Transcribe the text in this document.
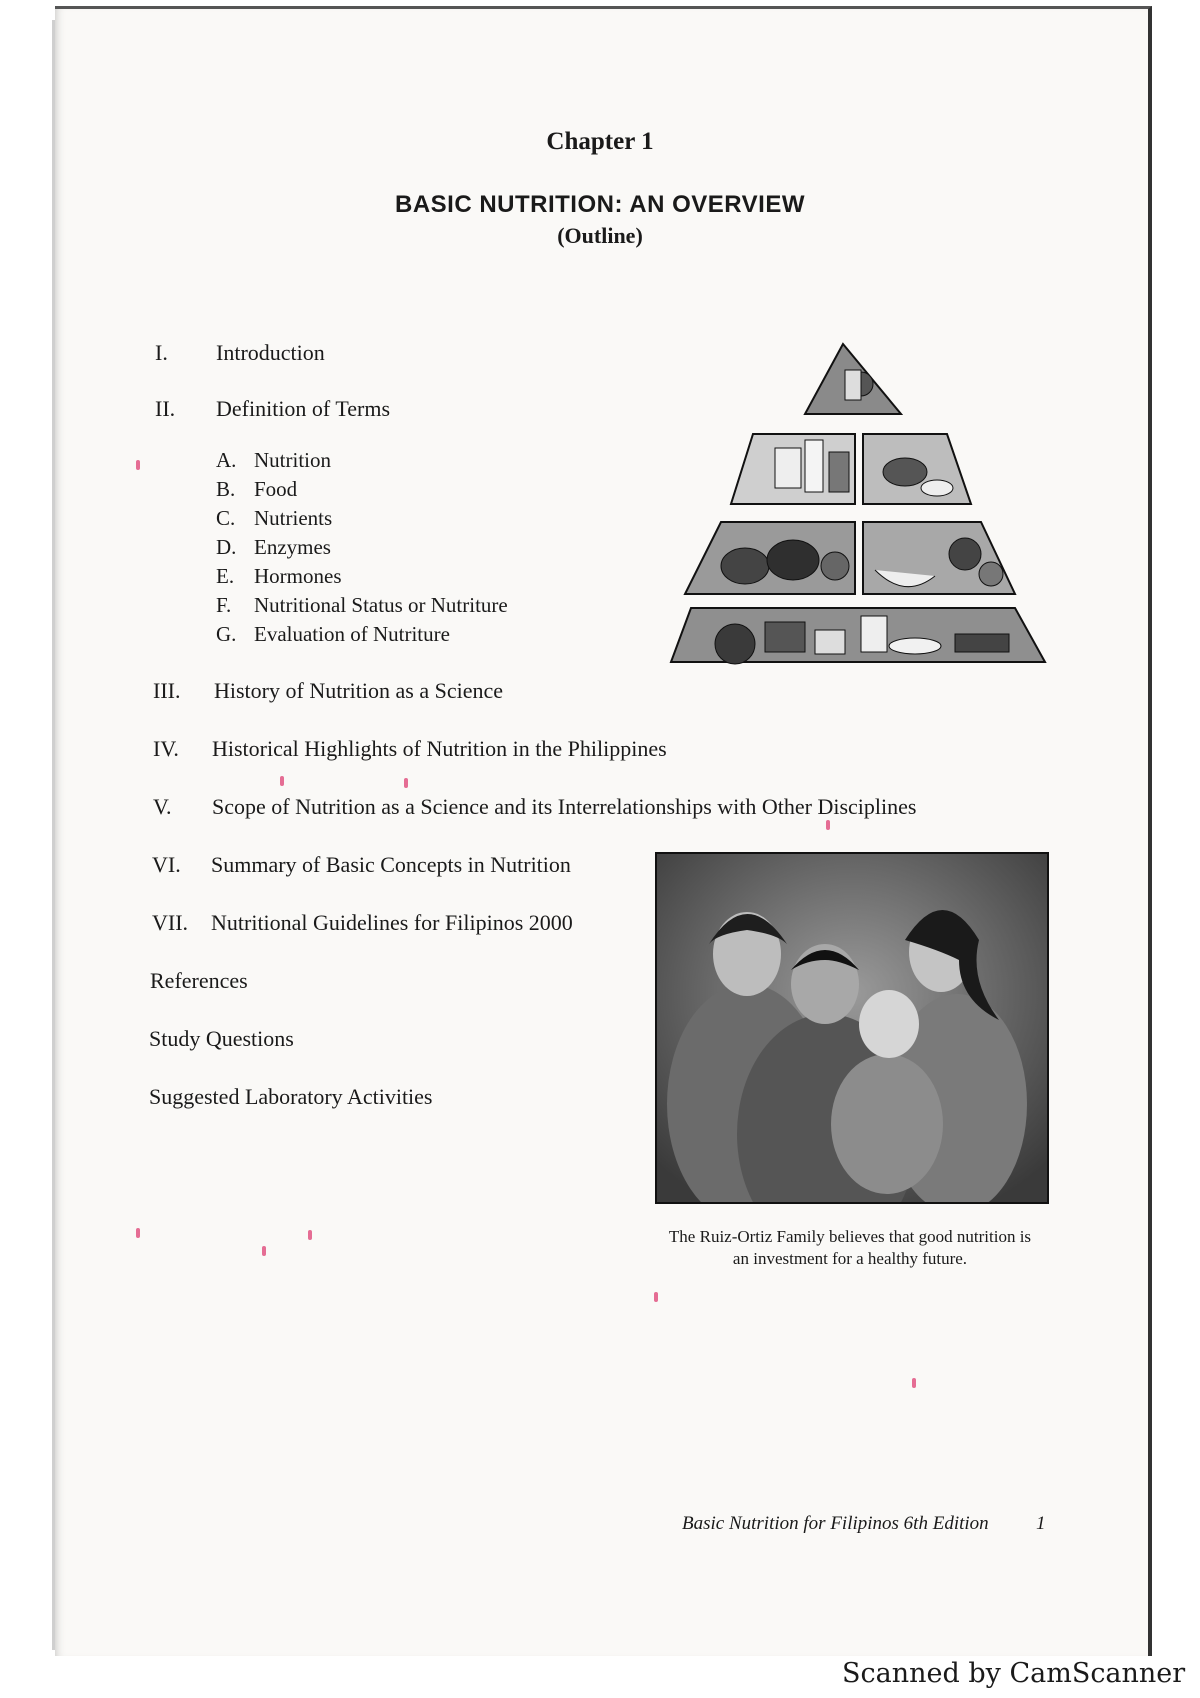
Chapter 1
BASIC NUTRITION: AN OVERVIEW
(Outline)
I. Introduction
II. Definition of Terms
A. Nutrition
B. Food
C. Nutrients
D. Enzymes
E. Hormones
F. Nutritional Status or Nutriture
G. Evaluation of Nutriture
III. History of Nutrition as a Science
IV. Historical Highlights of Nutrition in the Philippines
V. Scope of Nutrition as a Science and its Interrelationships with Other Disciplines
VI. Summary of Basic Concepts in Nutrition
VII. Nutritional Guidelines for Filipinos 2000
References
Study Questions
Suggested Laboratory Activities
The Ruiz-Ortiz Family believes that good nutrition is
an investment for a healthy future.
Basic Nutrition for Filipinos 6th Edition 1
Scanned by CamScanner
